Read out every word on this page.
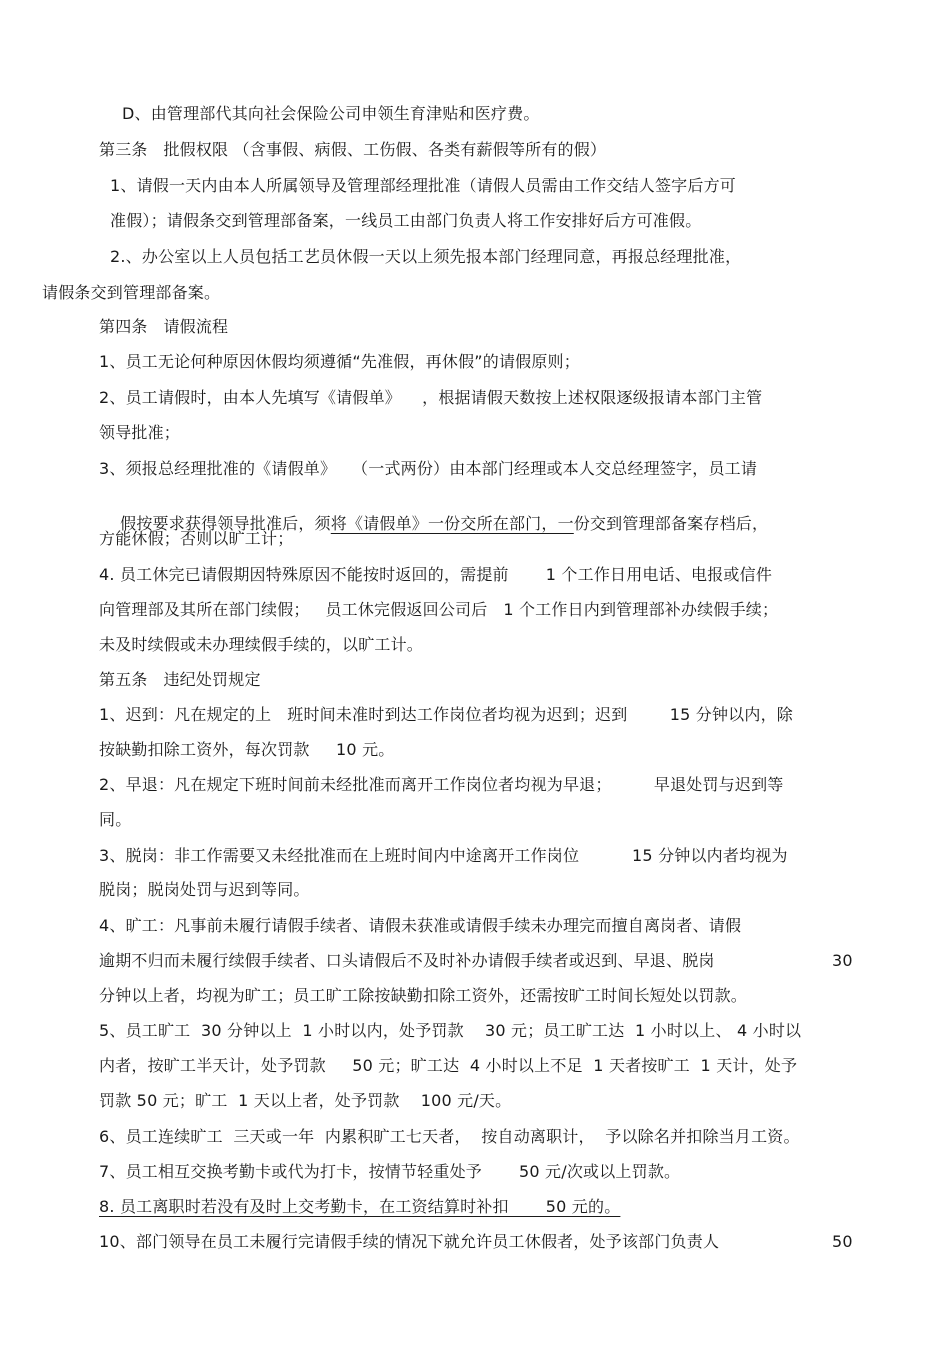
D、由管理部代其向社会保险公司申领生育津贴和医疗费。
第三条   批假权限 （含事假、病假、工伤假、各类有薪假等所有的假）
1、请假一天内由本人所属领导及管理部经理批准（请假人员需由工作交结人签字后方可
准假）；请假条交到管理部备案，一线员工由部门负责人将工作安排好后方可准假。
2.、办公室以上人员包括工艺员休假一天以上须先报本部门经理同意，再报总经理批准，
请假条交到管理部备案。
第四条   请假流程
1、员工无论何种原因休假均须遵循“先准假，再休假”的请假原则；
2、员工请假时，由本人先填写《请假单》    ，根据请假天数按上述权限逐级报请本部门主管
领导批准；
3、须报总经理批准的《请假单》   （一式两份）由本部门经理或本人交总经理签字，员工请

假按要求获得领导批准后，须将《请假单》一份交所在部门，一份交到管理部备案存档后，

方能休假；否则以旷工计；
4. 员工休完已请假期因特殊原因不能按时返回的，需提前       1 个工作日用电话、电报或信件
向管理部及其所在部门续假；   员工休完假返回公司后   1 个工作日内到管理部补办续假手续；
未及时续假或未办理续假手续的，以旷工计。
第五条   违纪处罚规定
1、迟到：凡在规定的上   班时间未准时到达工作岗位者均视为迟到；迟到        15 分钟以内，除
按缺勤扣除工资外，每次罚款     10 元。
2、早退：凡在规定下班时间前未经批准而离开工作岗位者均视为早退；        早退处罚与迟到等
同。
3、脱岗：非工作需要又未经批准而在上班时间内中途离开工作岗位          15 分钟以内者均视为
脱岗；脱岗处罚与迟到等同。
4、旷工：凡事前未履行请假手续者、请假未获准或请假手续未办理完而擅自离岗者、请假
逾期不归而未履行续假手续者、口头请假后不及时补办请假手续者或迟到、早退、脱岗	30
分钟以上者，均视为旷工；员工旷工除按缺勤扣除工资外，还需按旷工时间长短处以罚款。
5、员工旷工  30 分钟以上  1 小时以内，处予罚款    30 元；员工旷工达  1 小时以上、 4 小时以
内者，按旷工半天计，处予罚款     50 元；旷工达  4 小时以上不足  1 天者按旷工  1 天计，处予
罚款 50 元；旷工  1 天以上者，处予罚款    100 元/天。
6、员工连续旷工  三天或一年  内累积旷工七天者，  按自动离职计，  予以除名并扣除当月工资。
7、员工相互交换考勤卡或代为打卡，按情节轻重处予       50 元/次或以上罚款。
8. 员工离职时若没有及时上交考勤卡，在工资结算时补扣       50 元的。
10、部门领导在员工未履行完请假手续的情况下就允许员工休假者，处予该部门负责人	50
